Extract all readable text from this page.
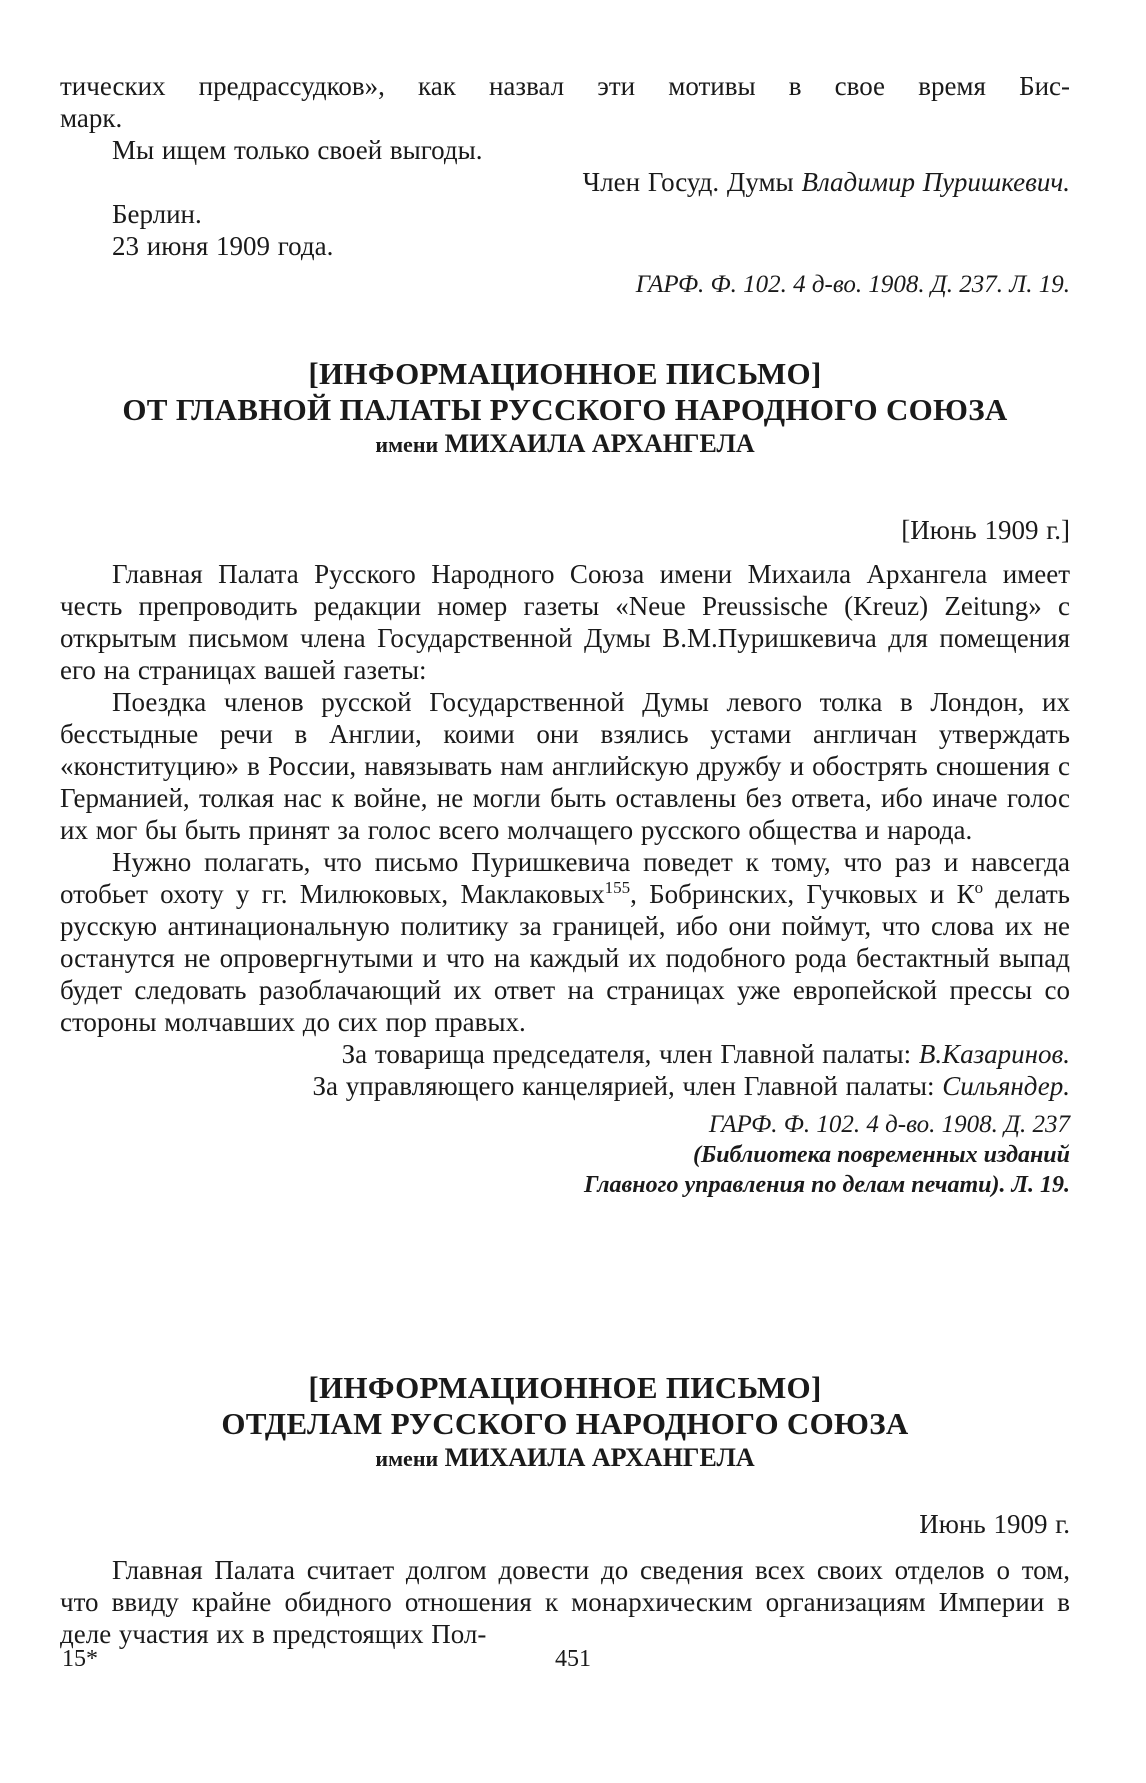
тических предрассудков», как назвал эти мотивы в свое время Бис-

марк.

Мы ищем только своей выгоды.

Член Госуд. Думы Владимир Пуришкевич.

Берлин.

23 июня 1909 года.

ГАРФ. Ф. 102. 4 д-во. 1908. Д. 237. Л. 19.

[ИНФОРМАЦИОННОЕ ПИСЬМО]

ОТ ГЛАВНОЙ ПАЛАТЫ РУССКОГО НАРОДНОГО СОЮЗА

имени МИХАИЛА АРХАНГЕЛА

[Июнь 1909 г.]

Главная Палата Русского Народного Союза имени Михаила Архангела имеет честь препроводить редакции номер газеты «Neue Preussische (Kreuz) Zeitung» с открытым письмом члена Государственной Думы В.М.Пуришкевича для помещения его на страницах вашей газеты:

Поездка членов русской Государственной Думы левого толка в Лондон, их бесстыдные речи в Англии, коими они взялись устами англичан утверждать «конституцию» в России, навязывать нам английскую дружбу и обострять сношения с Германией, толкая нас к войне, не могли быть оставлены без ответа, ибо иначе голос их мог бы быть принят за голос всего молчащего русского общества и народа.

Нужно полагать, что письмо Пуришкевича поведет к тому, что раз и навсегда отобьет охоту у гг. Милюковых, Маклаковых$^{155}$, Бобринских, Гучковых и $К^о$ делать русскую антинациональную политику за границей, ибо они поймут, что слова их не останутся не опровергнутыми и что на каждый их подобного рода бестактный выпад будет следовать разоблачающий их ответ на страницах уже европейской прессы со стороны молчавших до сих пор правых.

За товарища председателя, член Главной палаты: В.Казаринов.

За управляющего канцелярией, член Главной палаты: Сильяндер.

ГАРФ. Ф. 102. 4 д-во. 1908. Д. 237

(Библиотека повременных изданий

Главного управления по делам печати). Л. 19.

[ИНФОРМАЦИОННОЕ ПИСЬМО]

ОТДЕЛАМ РУССКОГО НАРОДНОГО СОЮЗА

имени МИХАИЛА АРХАНГЕЛА

Июнь 1909 г.

Главная Палата считает долгом довести до сведения всех своих отделов о том, что ввиду крайне обидного отношения к монархическим организациям Империи в деле участия их в предстоящих Пол-

15*	451
